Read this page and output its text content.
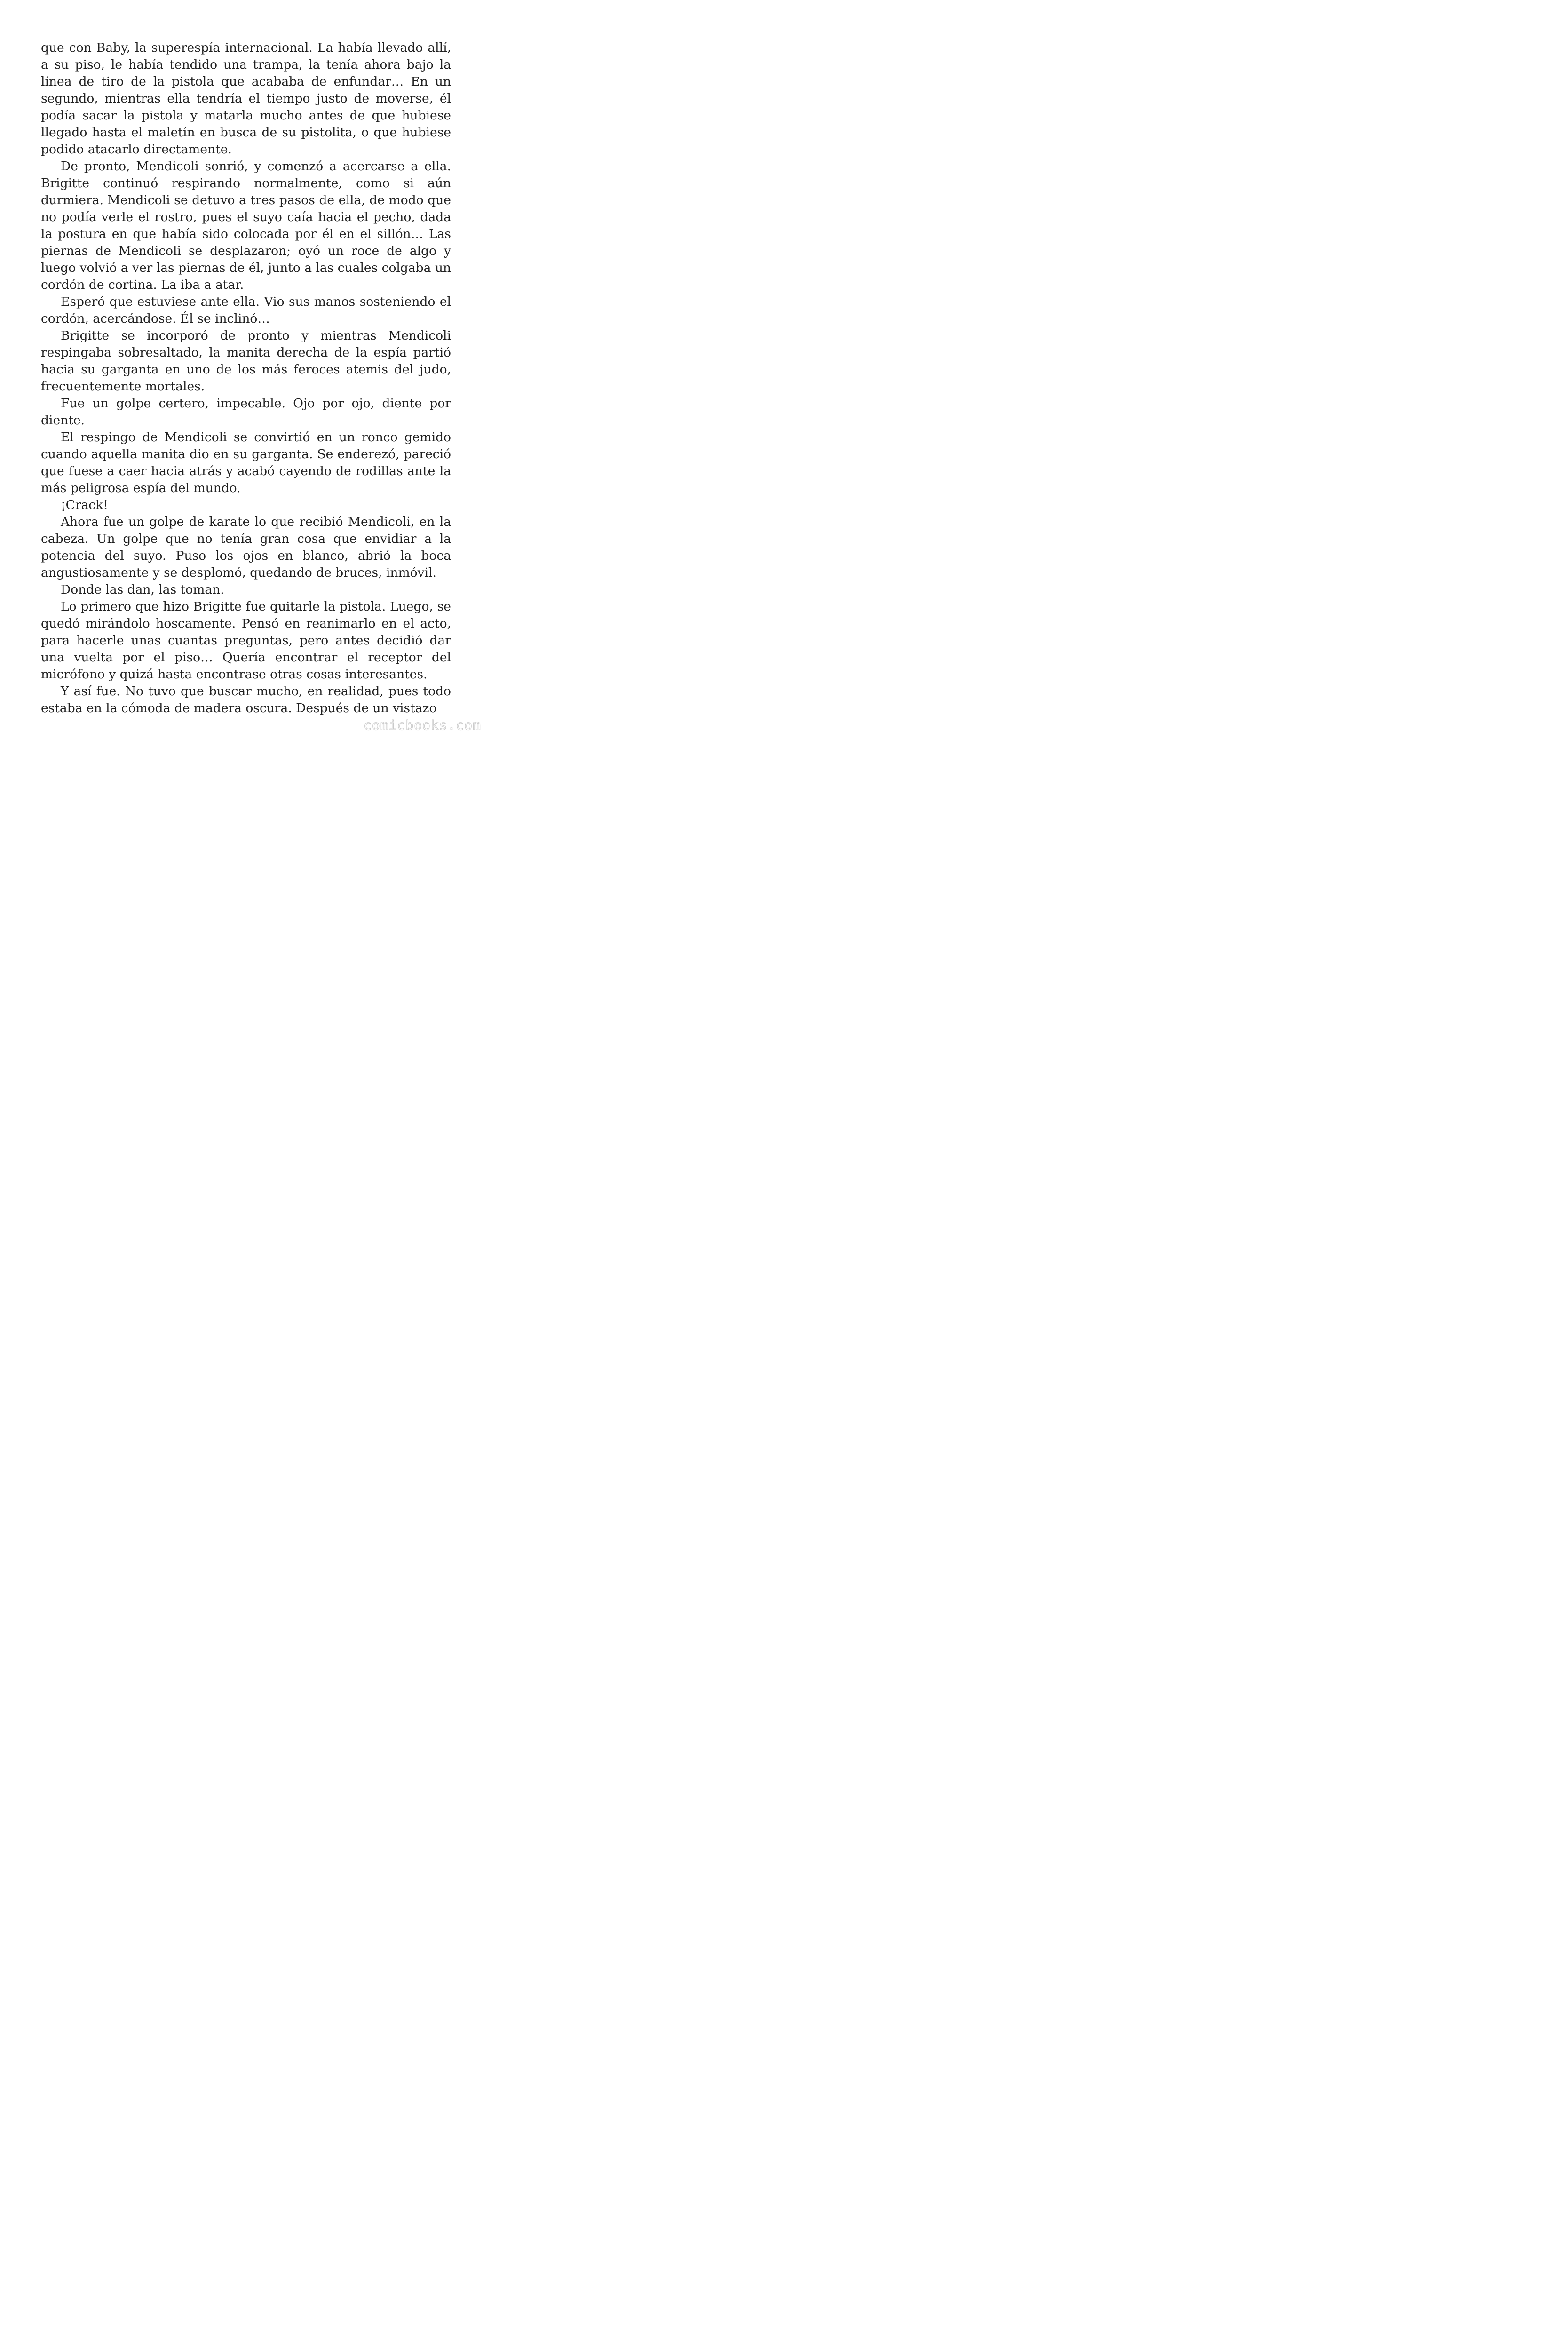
que con Baby, la superespía internacional. La había llevado allí, a su piso, le había tendido una trampa, la tenía ahora bajo la línea de tiro de la pistola que acababa de enfundar… En un segundo, mientras ella tendría el tiempo justo de moverse, él podía sacar la pistola y matarla mucho antes de que hubiese llegado hasta el maletín en busca de su pistolita, o que hubiese podido atacarlo directamente.

De pronto, Mendicoli sonrió, y comenzó a acercarse a ella. Brigitte continuó respirando normalmente, como si aún durmiera. Mendicoli se detuvo a tres pasos de ella, de modo que no podía verle el rostro, pues el suyo caía hacia el pecho, dada la postura en que había sido colocada por él en el sillón… Las piernas de Mendicoli se desplazaron; oyó un roce de algo y luego volvió a ver las piernas de él, junto a las cuales colgaba un cordón de cortina. La iba a atar.

Esperó que estuviese ante ella. Vio sus manos sosteniendo el cordón, acercándose. Él se inclinó…

Brigitte se incorporó de pronto y mientras Mendicoli respingaba sobresaltado, la manita derecha de la espía partió hacia su garganta en uno de los más feroces atemis del judo, frecuentemente mortales.

Fue un golpe certero, impecable. Ojo por ojo, diente por diente.

El respingo de Mendicoli se convirtió en un ronco gemido cuando aquella manita dio en su garganta. Se enderezó, pareció que fuese a caer hacia atrás y acabó cayendo de rodillas ante la más peligrosa espía del mundo.

¡Crack!

Ahora fue un golpe de karate lo que recibió Mendicoli, en la cabeza. Un golpe que no tenía gran cosa que envidiar a la potencia del suyo. Puso los ojos en blanco, abrió la boca angustiosamente y se desplomó, quedando de bruces, inmóvil.

Donde las dan, las toman.

Lo primero que hizo Brigitte fue quitarle la pistola. Luego, se quedó mirándolo hoscamente. Pensó en reanimarlo en el acto, para hacerle unas cuantas preguntas, pero antes decidió dar una vuelta por el piso… Quería encontrar el receptor del micrófono y quizá hasta encontrase otras cosas interesantes.

Y así fue. No tuvo que buscar mucho, en realidad, pues todo estaba en la cómoda de madera oscura. Después de un vistazo

comicbooks.com
